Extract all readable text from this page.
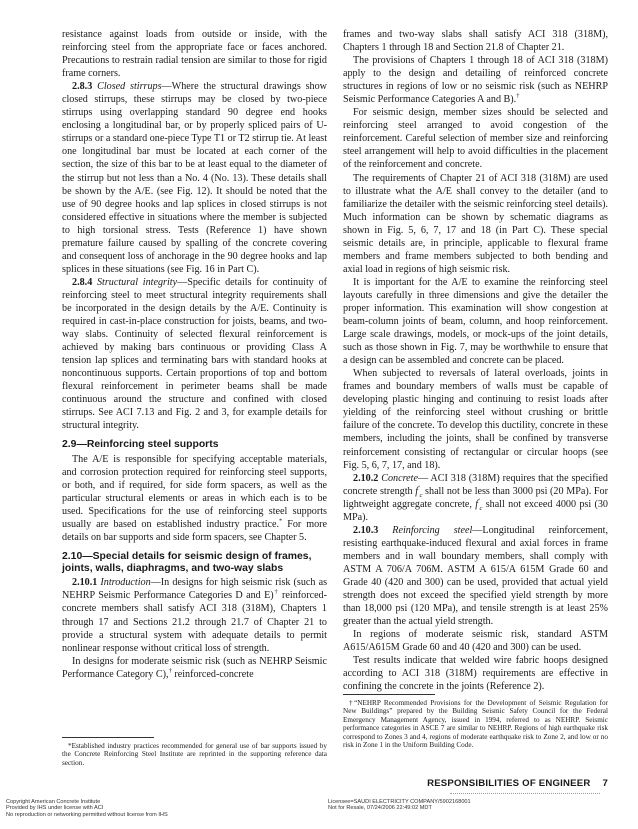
resistance against loads from outside or inside, with the reinforcing steel from the appropriate face or faces anchored. Precautions to restrain radial tension are similar to those for rigid frame corners.

2.8.3 Closed stirrups—Where the structural drawings show closed stirrups, these stirrups may be closed by two-piece stirrups using overlapping standard 90 degree end hooks enclosing a longitudinal bar, or by properly spliced pairs of U-stirrups or a standard one-piece Type T1 or T2 stirrup tie. At least one longitudinal bar must be located at each corner of the section, the size of this bar to be at least equal to the diameter of the stirrup but not less than a No. 4 (No. 13). These details shall be shown by the A/E. (see Fig. 12). It should be noted that the use of 90 degree hooks and lap splices in closed stirrups is not considered effective in situations where the member is subjected to high torsional stress. Tests (Reference 1) have shown premature failure caused by spalling of the concrete covering and consequent loss of anchorage in the 90 degree hooks and lap splices in these situations (see Fig. 16 in Part C).

2.8.4 Structural integrity—Specific details for continuity of reinforcing steel to meet structural integrity requirements shall be incorporated in the design details by the A/E. Continuity is required in cast-in-place construction for joists, beams, and two-way slabs. Continuity of selected flexural reinforcement is achieved by making bars continuous or providing Class A tension lap splices and terminating bars with standard hooks at noncontinuous supports. Certain proportions of top and bottom flexural reinforcement in perimeter beams shall be made continuous around the structure and confined with closed stirrups. See ACI 7.13 and Fig. 2 and 3, for example details for structural integrity.

2.9—Reinforcing steel supports

The A/E is responsible for specifying acceptable materials, and corrosion protection required for reinforcing steel supports, or both, and if required, for side form spacers, as well as the particular structural elements or areas in which each is to be used. Specifications for the use of reinforcing steel supports usually are based on established industry practice.* For more details on bar supports and side form spacers, see Chapter 5.

2.10—Special details for seismic design of frames, joints, walls, diaphragms, and two-way slabs

2.10.1 Introduction—In designs for high seismic risk (such as NEHRP Seismic Performance Categories D and E)† reinforced-concrete members shall satisfy ACI 318 (318M), Chapters 1 through 17 and Sections 21.2 through 21.7 of Chapter 21 to provide a structural system with adequate details to permit nonlinear response without critical loss of strength.

In designs for moderate seismic risk (such as NEHRP Seismic Performance Category C),† reinforced-concrete

*Established industry practices recommended for general use of bar supports issued by the Concrete Reinforcing Steel Institute are reprinted in the supporting reference data section.

frames and two-way slabs shall satisfy ACI 318 (318M), Chapters 1 through 18 and Section 21.8 of Chapter 21.

The provisions of Chapters 1 through 18 of ACI 318 (318M) apply to the design and detailing of reinforced concrete structures in regions of low or no seismic risk (such as NEHRP Seismic Performance Categories A and B).†

For seismic design, member sizes should be selected and reinforcing steel arranged to avoid congestion of the reinforcement. Careful selection of member size and reinforcing steel arrangement will help to avoid difficulties in the placement of the reinforcement and concrete.

The requirements of Chapter 21 of ACI 318 (318M) are used to illustrate what the A/E shall convey to the detailer (and to familiarize the detailer with the seismic reinforcing steel details). Much information can be shown by schematic diagrams as shown in Fig. 5, 6, 7, 17 and 18 (in Part C). These special seismic details are, in principle, applicable to flexural frame members and frame members subjected to both bending and axial load in regions of high seismic risk.

It is important for the A/E to examine the reinforcing steel layouts carefully in three dimensions and give the detailer the proper information. This examination will show congestion at beam-column joints of beam, column, and hoop reinforcement. Large scale drawings, models, or mock-ups of the joint details, such as those shown in Fig. 7, may be worthwhile to ensure that a design can be assembled and concrete can be placed.

When subjected to reversals of lateral overloads, joints in frames and boundary members of walls must be capable of developing plastic hinging and continuing to resist loads after yielding of the reinforcing steel without crushing or brittle failure of the concrete. To develop this ductility, concrete in these members, including the joints, shall be confined by transverse reinforcement consisting of rectangular or circular hoops (see Fig. 5, 6, 7, 17, and 18).

2.10.2 Concrete— ACI 318 (318M) requires that the specified concrete strength $f'_c$ shall not be less than 3000 psi (20 MPa). For lightweight aggregate concrete, $f'_c$ shall not exceed 4000 psi (30 MPa).

2.10.3 Reinforcing steel—Longitudinal reinforcement, resisting earthquake-induced flexural and axial forces in frame members and in wall boundary members, shall comply with ASTM A 706/A 706M. ASTM A 615/A 615M Grade 60 and Grade 40 (420 and 300) can be used, provided that actual yield strength does not exceed the specified yield strength by more than 18,000 psi (120 MPa), and tensile strength is at least 25% greater than the actual yield strength.

In regions of moderate seismic risk, standard ASTM A615/A615M Grade 60 and 40 (420 and 300) can be used.

Test results indicate that welded wire fabric hoops designed according to ACI 318 (318M) requirements are effective in confining the concrete in the joints (Reference 2).

†“NEHRP Recommended Provisions for the Development of Seismic Regulation for New Buildings” prepared by the Building Seismic Safety Council for the Federal Emergency Management Agency, issued in 1994, referred to as NEHRP. Seismic performance categories in ASCE 7 are similar to NEHRP. Regions of high earthquake risk correspond to Zones 3 and 4, regions of moderate earthquake risk to Zone 2, and low or no risk in Zone 1 in the Uniform Building Code.

RESPONSIBILITIES OF ENGINEER 7
Copyright American Concrete Institute
Provided by IHS under license with ACI
No reproduction or networking permitted without license from IHS
Licensee=SAUDI ELECTRICITY COMPANY/5902168001
Not for Resale, 07/24/2006 22:49:02 MDT
